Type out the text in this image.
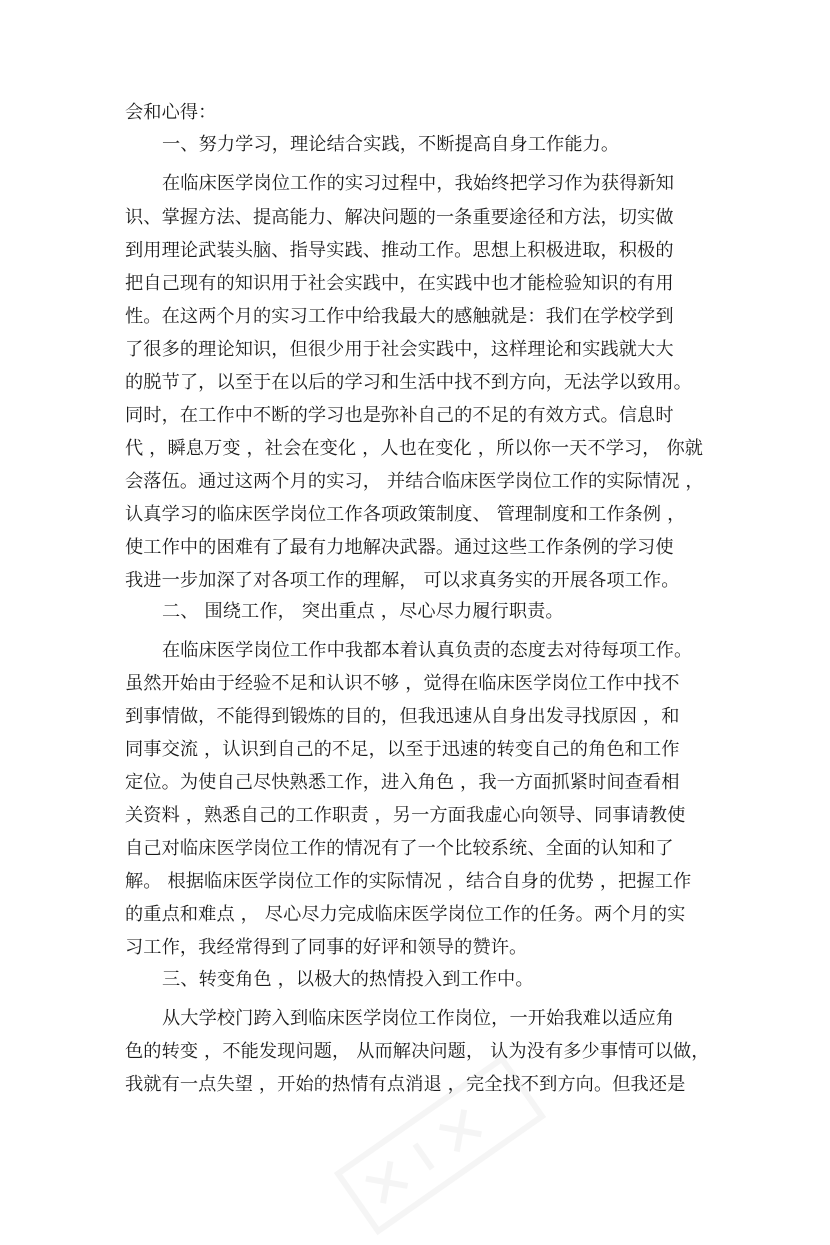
会和心得：
一、努力学习，理论结合实践，不断提高自身工作能力。
在临床医学岗位工作的实习过程中，我始终把学习作为获得新知
识、掌握方法、提高能力、解决问题的一条重要途径和方法，切实做
到用理论武装头脑、指导实践、推动工作。思想上积极进取，积极的
把自己现有的知识用于社会实践中，在实践中也才能检验知识的有用
性。在这两个月的实习工作中给我最大的感触就是：我们在学校学到
了很多的理论知识，但很少用于社会实践中，这样理论和实践就大大
的脱节了，以至于在以后的学习和生活中找不到方向，无法学以致用。
同时，在工作中不断的学习也是弥补自己的不足的有效方式。信息时
代 ，瞬息万变 ，社会在变化 ，人也在变化 ，所以你一天不学习， 你就
会落伍。通过这两个月的实习， 并结合临床医学岗位工作的实际情况 ，
认真学习的临床医学岗位工作各项政策制度、 管理制度和工作条例 ，
使工作中的困难有了最有力地解决武器。通过这些工作条例的学习使
我进一步加深了对各项工作的理解， 可以求真务实的开展各项工作。
二、 围绕工作， 突出重点 ，尽心尽力履行职责。
在临床医学岗位工作中我都本着认真负责的态度去对待每项工作。
虽然开始由于经验不足和认识不够 ，觉得在临床医学岗位工作中找不
到事情做，不能得到锻炼的目的，但我迅速从自身出发寻找原因 ，和
同事交流 ，认识到自己的不足，以至于迅速的转变自己的角色和工作
定位。为使自己尽快熟悉工作，进入角色 ，我一方面抓紧时间查看相
关资料 ，熟悉自己的工作职责 ，另一方面我虚心向领导、同事请教使
自己对临床医学岗位工作的情况有了一个比较系统、全面的认知和了
解。 根据临床医学岗位工作的实际情况 ，结合自身的优势 ，把握工作
的重点和难点 ， 尽心尽力完成临床医学岗位工作的任务。两个月的实
习工作，我经常得到了同事的好评和领导的赞许。
三、转变角色 ，以极大的热情投入到工作中。
从大学校门跨入到临床医学岗位工作岗位，一开始我难以适应角
色的转变 ，不能发现问题， 从而解决问题， 认为没有多少事情可以做，
我就有一点失望 ，开始的热情有点消退 ，完全找不到方向。但我还是
